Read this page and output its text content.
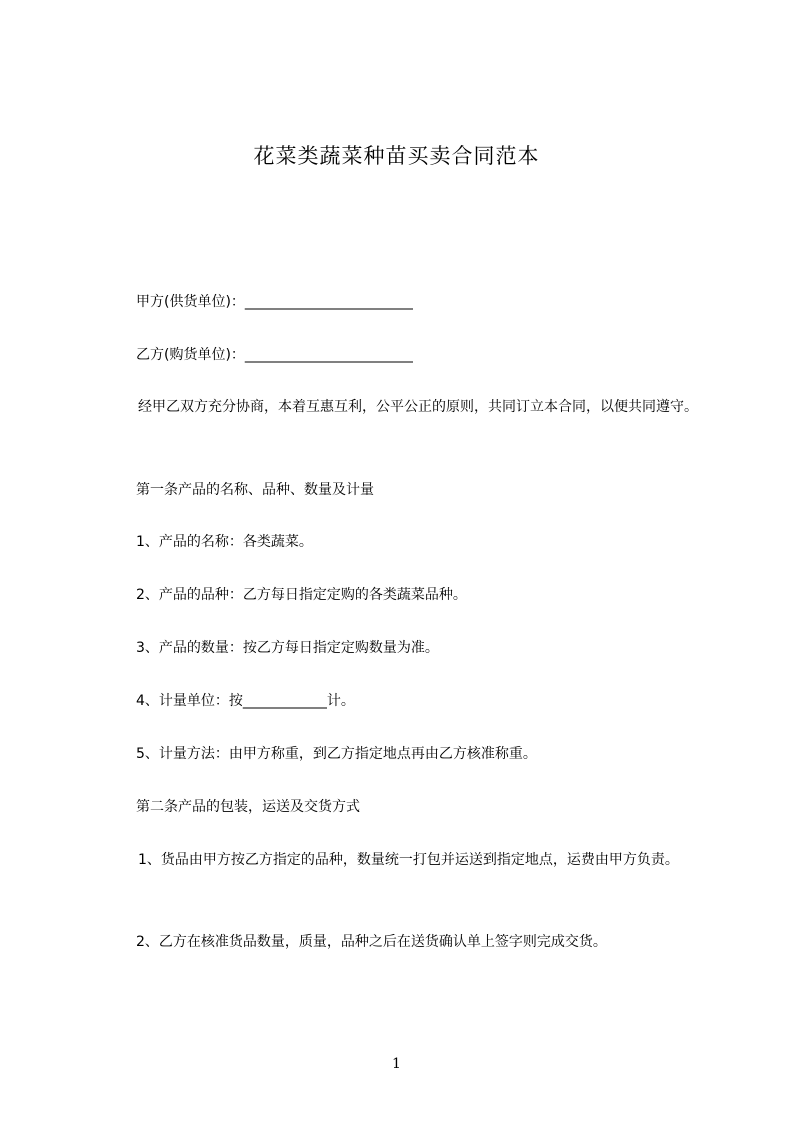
花菜类蔬菜种苗买卖合同范本
甲方(供货单位)：________________________
乙方(购货单位)：________________________
经甲乙双方充分协商，本着互惠互利，公平公正的原则，共同订立本合同，以便共同遵守。
第一条产品的名称、品种、数量及计量
1、产品的名称：各类蔬菜。
2、产品的品种：乙方每日指定定购的各类蔬菜品种。
3、产品的数量：按乙方每日指定定购数量为准。
4、计量单位：按____________计。
5、计量方法：由甲方称重，到乙方指定地点再由乙方核准称重。
第二条产品的包装，运送及交货方式
1、货品由甲方按乙方指定的品种，数量统一打包并运送到指定地点，运费由甲方负责。
2、乙方在核准货品数量，质量，品种之后在送货确认单上签字则完成交货。
1
